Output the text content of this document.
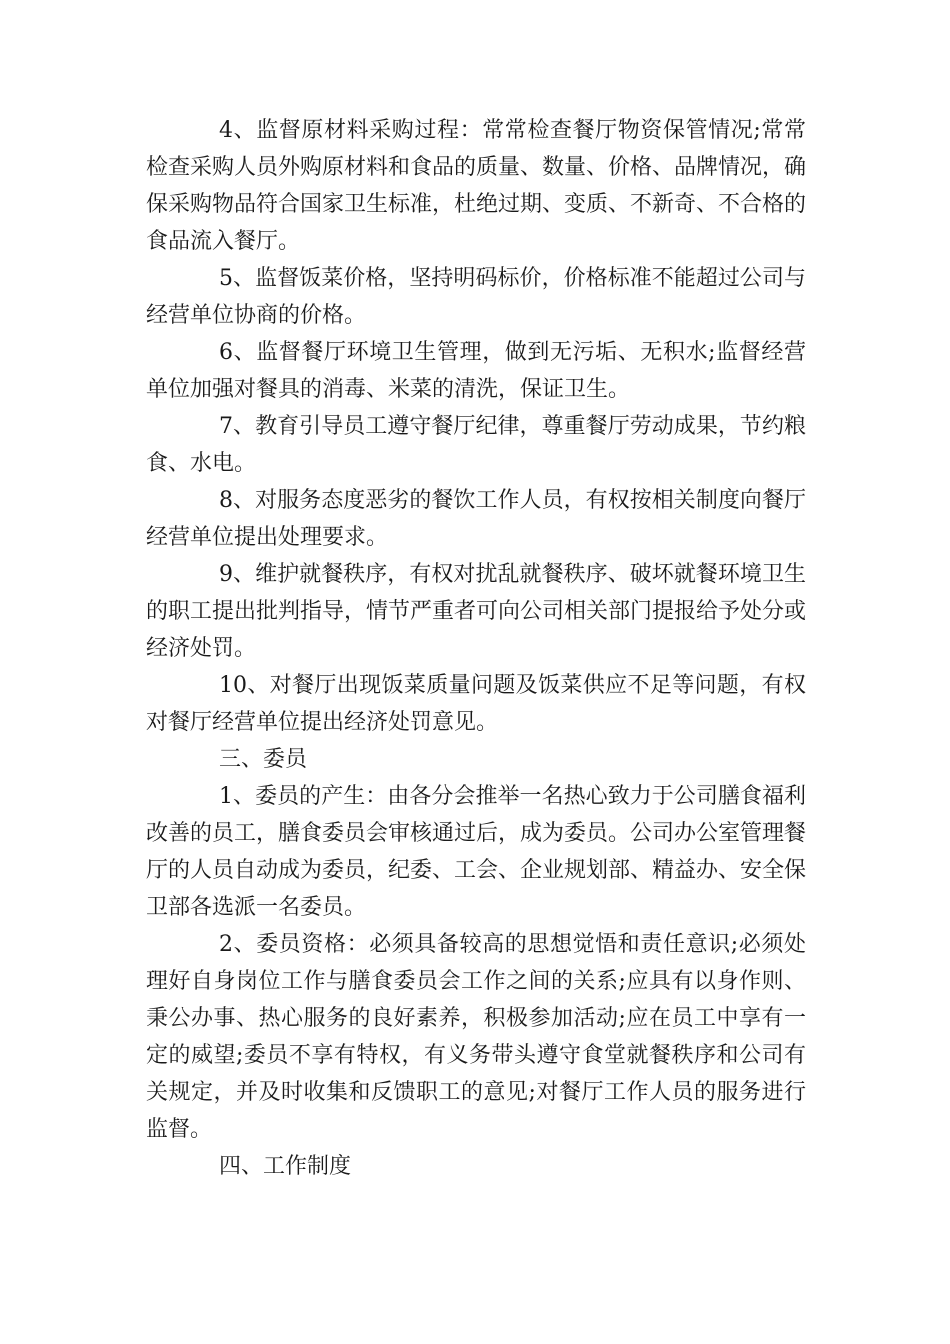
4、监督原材料采购过程：常常检查餐厅物资保管情况;常常检查采购人员外购原材料和食品的质量、数量、价格、品牌情况，确保采购物品符合国家卫生标准，杜绝过期、变质、不新奇、不合格的食品流入餐厅。

5、监督饭菜价格，坚持明码标价，价格标准不能超过公司与经营单位协商的价格。

6、监督餐厅环境卫生管理，做到无污垢、无积水;监督经营单位加强对餐具的消毒、米菜的清洗，保证卫生。

7、教育引导员工遵守餐厅纪律，尊重餐厅劳动成果，节约粮食、水电。

8、对服务态度恶劣的餐饮工作人员，有权按相关制度向餐厅经营单位提出处理要求。

9、维护就餐秩序，有权对扰乱就餐秩序、破坏就餐环境卫生的职工提出批判指导，情节严重者可向公司相关部门提报给予处分或经济处罚。

10、对餐厅出现饭菜质量问题及饭菜供应不足等问题，有权对餐厅经营单位提出经济处罚意见。

三、委员

1、委员的产生：由各分会推举一名热心致力于公司膳食福利改善的员工，膳食委员会审核通过后，成为委员。公司办公室管理餐厅的人员自动成为委员，纪委、工会、企业规划部、精益办、安全保卫部各选派一名委员。

2、委员资格：必须具备较高的思想觉悟和责任意识;必须处理好自身岗位工作与膳食委员会工作之间的关系;应具有以身作则、秉公办事、热心服务的良好素养，积极参加活动;应在员工中享有一定的威望;委员不享有特权，有义务带头遵守食堂就餐秩序和公司有关规定，并及时收集和反馈职工的意见;对餐厅工作人员的服务进行监督。

四、工作制度
